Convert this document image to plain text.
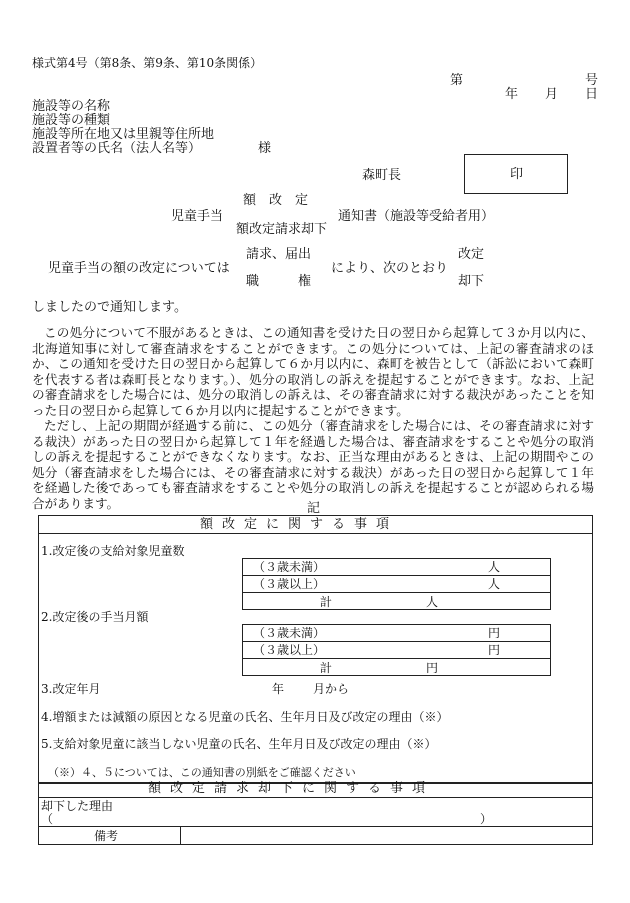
様式第4号（第8条、第9条、第10条関係）
第	号
年 月 日
施設等の名称
施設等の種類
施設等所在地又は里親等住所地
設置者等の氏名（法人名等）	様
森町長	印
額　改　定
児童手当	通知書（施設等受給者用）
額改定請求却下
請求、届出	改定
児童手当の額の改定については	により、次のとおり
職　　　権	却下
しましたので通知します。

この処分について不服があるときは、この通知書を受けた日の翌日から起算して３か月以内に、北海道知事に対して審査請求をすることができます。この処分については、上記の審査請求のほか、この通知を受けた日の翌日から起算して６か月以内に、森町を被告として（訴訟において森町を代表する者は森町長となります。）、処分の取消しの訴えを提起することができます。なお、上記の審査請求をした場合には、処分の取消しの訴えは、その審査請求に対する裁決があったことを知った日の翌日から起算して６か月以内に提起することができます。

ただし、上記の期間が経過する前に、この処分（審査請求をした場合には、その審査請求に対する裁決）があった日の翌日から起算して１年を経過した場合は、審査請求をすることや処分の取消しの訴えを提起することができなくなります。なお、正当な理由があるときは、上記の期間やこの処分（審査請求をした場合には、その審査請求に対する裁決）があった日の翌日から起算して１年を経過した後であっても審査請求をすることや処分の取消しの訴えを提起することが認められる場合があります。	記
額改定に関する事項
1.改定後の支給対象児童数
（３歳未満）	人
（３歳以上）	人
計	人
2.改定後の手当月額
（３歳未満）	円
（３歳以上）	円
計	円
3.改定年月	年 月から
4.増額または減額の原因となる児童の氏名、生年月日及び改定の理由（※）
5.支給対象児童に該当しない児童の氏名、生年月日及び改定の理由（※）
（※）４、５については、この通知書の別紙をご確認ください
額改定請求却下に関する事項
却下した理由
（	）
備考
